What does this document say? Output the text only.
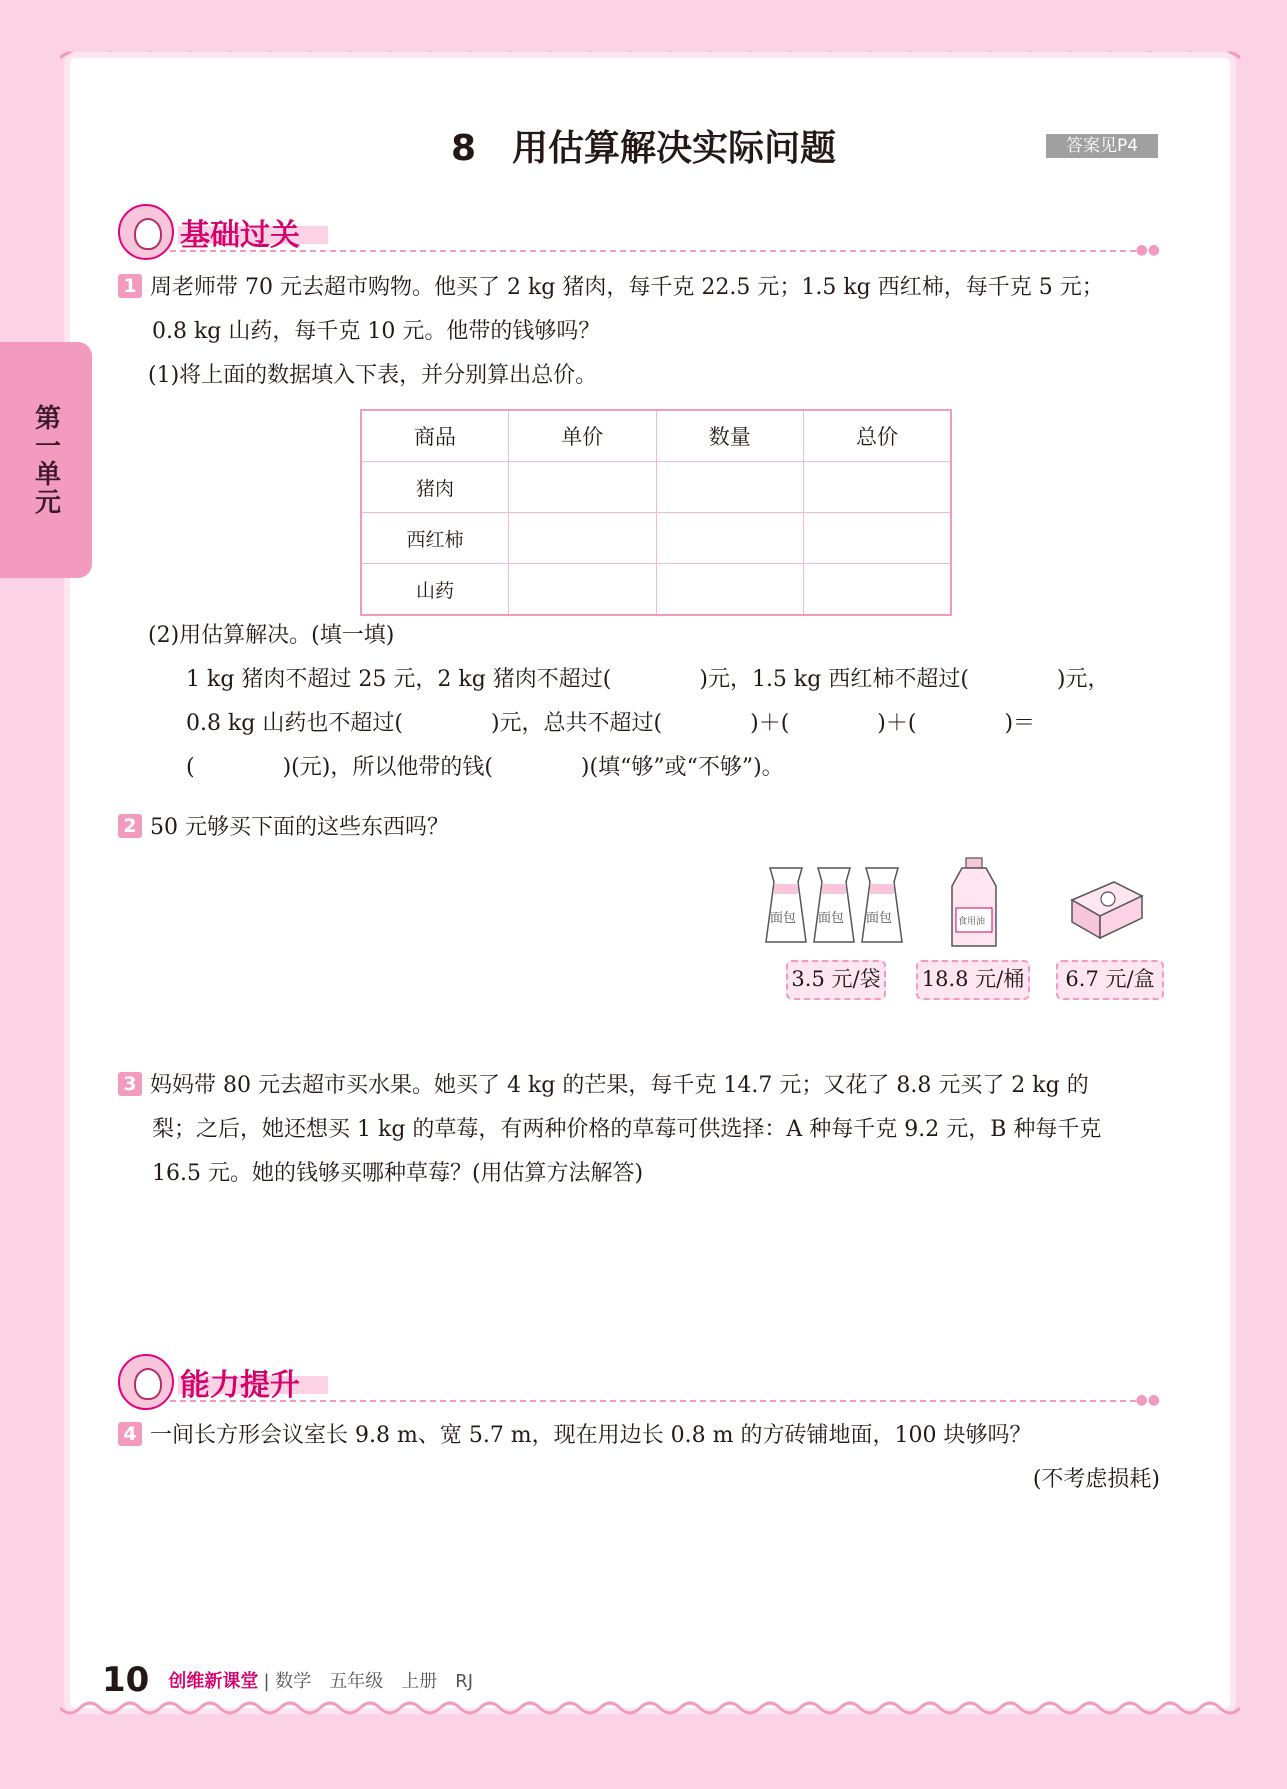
第一单元
8　用估算解决实际问题	答案见P4
基础过关	●●
1 周老师带 70 元去超市购物。他买了 2 kg 猪肉，每千克 22.5 元；1.5 kg 西红柿，每千克 5 元；
0.8 kg 山药，每千克 10 元。他带的钱够吗？
(1)将上面的数据填入下表，并分别算出总价。
商品	单价	数量	总价
猪肉			
西红柿			
山药			
(2)用估算解决。(填一填)
1 kg 猪肉不超过 25 元，2 kg 猪肉不超过(　　　　)元，1.5 kg 西红柿不超过(　　　　)元，
0.8 kg 山药也不超过(　　　　)元，总共不超过(　　　　)＋(　　　　)＋(　　　　)＝
(　　　　)(元)，所以他带的钱(　　　　)(填“够”或“不够”)。
2 50 元够买下面的这些东西吗？
面包 面包 面包	食用油
3.5 元/袋 18.8 元/桶	6.7 元/盒
3 妈妈带 80 元去超市买水果。她买了 4 kg 的芒果，每千克 14.7 元；又花了 8.8 元买了 2 kg 的
梨；之后，她还想买 1 kg 的草莓，有两种价格的草莓可供选择：A 种每千克 9.2 元，B 种每千克
16.5 元。她的钱够买哪种草莓？(用估算方法解答)
能力提升	●●
4 一间长方形会议室长 9.8 m、宽 5.7 m，现在用边长 0.8 m 的方砖铺地面，100 块够吗？
(不考虑损耗)
10 创维新课堂 | 数学　五年级　上册　RJ
